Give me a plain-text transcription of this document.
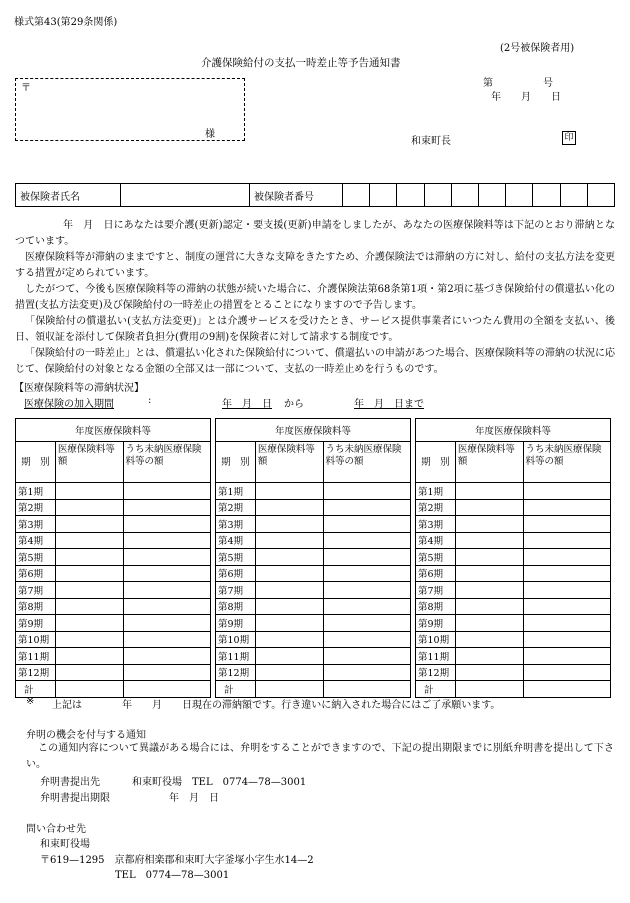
様式第43(第29条関係)
(2号被保険者用)
介護保険給付の支払一時差止等予告通知書
第　　　　　号
年　　月　　日
〒
様
和束町長	印
被保険者氏名		被保険者番号										
年　月　日にあなたは要介護(更新)認定・要支援(更新)申請をしましたが、あなたの医療保険料等は下記のとおり滞納となつています。
医療保険料等が滞納のままですと、制度の運営に大きな支障をきたすため、介護保険法では滞納の方に対し、給付の支払方法を変更する措置が定められています。
したがつて、今後も医療保険料等の滞納の状態が続いた場合に、介護保険法第68条第1項・第2項に基づき保険給付の償還払い化の措置(支払方法変更)及び保険給付の一時差止の措置をとることになりますので予告します。
「保険給付の償還払い(支払方法変更)」とは介護サービスを受けたとき、サービス提供事業者にいつたん費用の全額を支払い、後日、領収証を添付して保険者負担分(費用の9割)を保険者に対して請求する制度です。
「保険給付の一時差止」とは、償還払い化された保険給付について、償還払いの申請があつた場合、医療保険料等の滞納の状況に応じて、保険給付の対象となる金額の全部又は一部について、支払の一時差止めを行うものです。
【医療保険料等の滞納状況】
医療保険の加入期間	:	年　月　日 から	年　月　日まで
年度医療保険料等		
期　別	医療保険料等額	うち未納医療保険料等の額
第1期		
第2期		
第3期		
第4期		
第5期		
第6期		
第7期		
第8期		
第9期		
第10期		
第11期		
第12期		
計		
年度医療保険料等		
期　別	医療保険料等額	うち未納医療保険料等の額
第1期		
第2期		
第3期		
第4期		
第5期		
第6期		
第7期		
第8期		
第9期		
第10期		
第11期		
第12期		
計		
年度医療保険料等		
期　別	医療保険料等額	うち未納医療保険料等の額
第1期		
第2期		
第3期		
第4期		
第5期		
第6期		
第7期		
第8期		
第9期		
第10期		
第11期		
第12期		
計		
※ 上記は　　　　年　　月　　日現在の滞納額です。行き違いに納入された場合にはご了承願います。
弁明の機会を付与する通知
この通知内容について異議がある場合には、弁明をすることができますので、下記の提出期限までに別紙弁明書を提出して下さい。
弁明書提出先	和束町役場　TEL　0774—78—3001
弁明書提出期限	年　月　日
問い合わせ先
和束町役場
〒619—1295　京都府相楽郡和束町大字釜塚小字生水14—2
TEL　0774—78—3001
